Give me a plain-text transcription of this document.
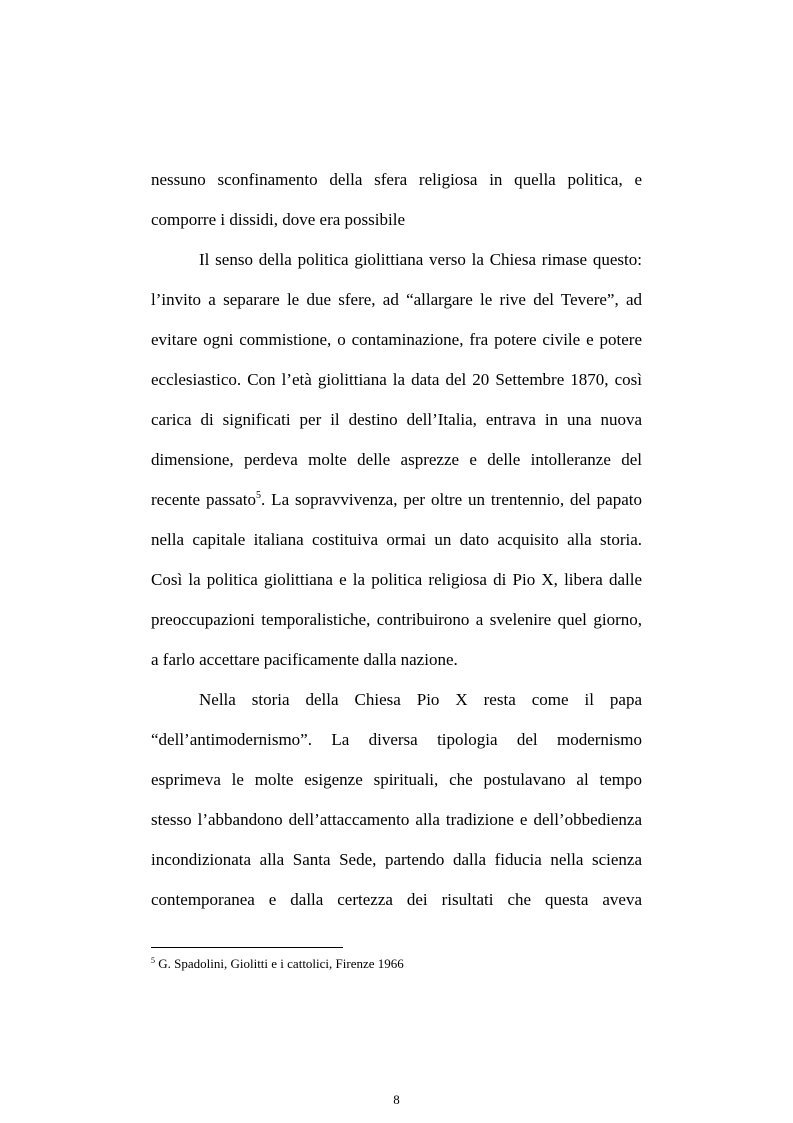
nessuno sconfinamento della sfera religiosa in quella politica, e
comporre i dissidi, dove era possibile
Il senso della politica giolittiana verso la Chiesa rimase questo:
l’invito a separare le due sfere, ad “allargare le rive del Tevere”, ad
evitare ogni commistione, o contaminazione, fra potere civile e potere
ecclesiastico. Con l’età giolittiana la data del 20 Settembre 1870, così
carica di significati per il destino dell’Italia, entrava in una nuova
dimensione, perdeva molte delle asprezze e delle intolleranze del
recente passato$^5$. La sopravvivenza, per oltre un trentennio, del papato
nella capitale italiana costituiva ormai un dato acquisito alla storia.
Così la politica giolittiana e la politica religiosa di Pio X, libera dalle
preoccupazioni temporalistiche, contribuirono a svelenire quel giorno,
a farlo accettare pacificamente dalla nazione.
Nella storia della Chiesa Pio X resta come il papa
“dell’antimodernismo”. La diversa tipologia del modernismo
esprimeva le molte esigenze spirituali, che postulavano al tempo
stesso l’abbandono dell’attaccamento alla tradizione e dell’obbedienza
incondizionata alla Santa Sede, partendo dalla fiducia nella scienza
contemporanea e dalla certezza dei risultati che questa aveva
$^5$ G. Spadolini, Giolitti e i cattolici, Firenze 1966
8
